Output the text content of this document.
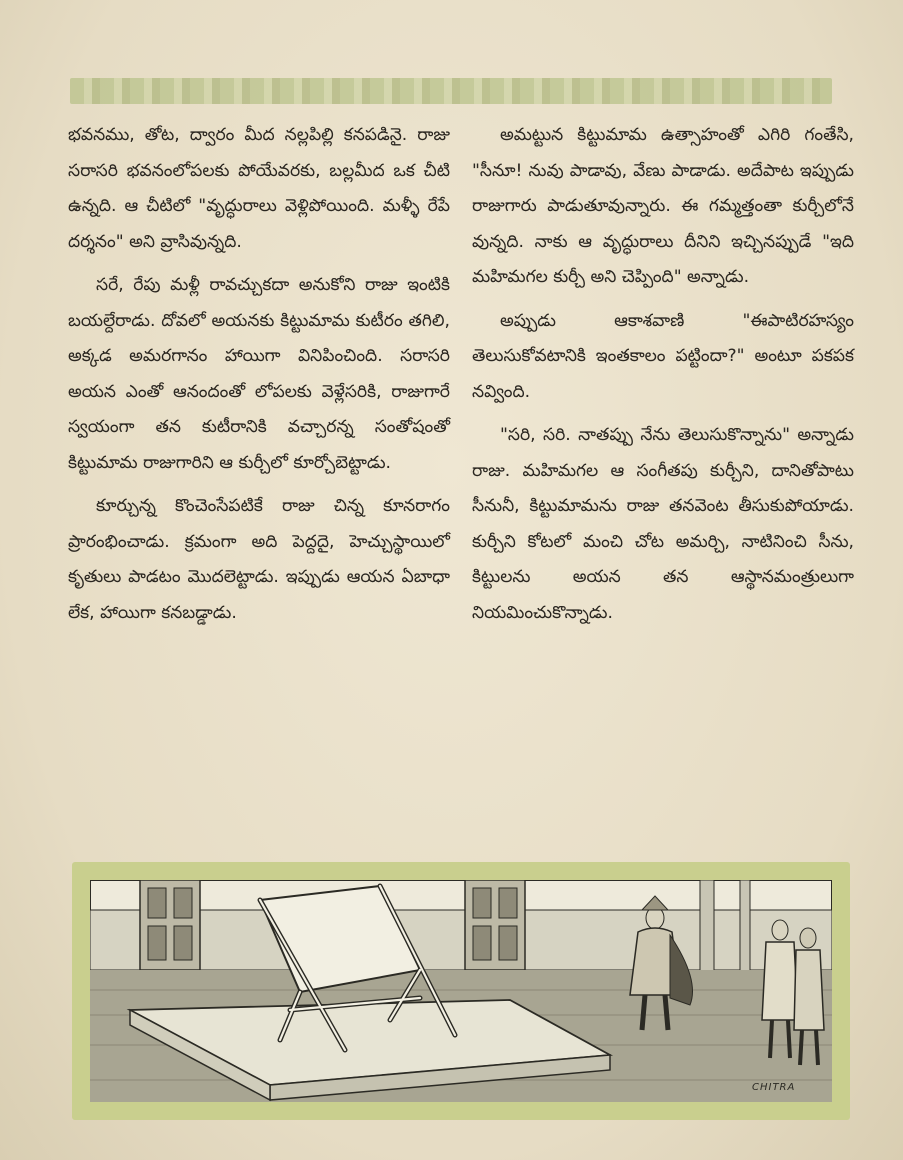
భవనము, తోట, ద్వారం మీద నల్లపిల్లి కనపడినై. రాజు సరాసరి భవనంలోపలకు పోయేవరకు, బల్లమీద ఒక చీటి ఉన్నది. ఆ చీటిలో "వృద్ధురాలు వెళ్లిపోయింది. మళ్ళీ రేపే దర్శనం" అని వ్రాసివున్నది.

సరే, రేపు మళ్లీ రావచ్చుకదా అనుకోని రాజు ఇంటికి బయల్దేరాడు. దోవలో అయనకు కిట్టుమామ కుటీరం తగిలి, అక్కడ అమరగానం హాయిగా వినిపించింది. సరాసరి అయన ఎంతో ఆనందంతో లోపలకు వెళ్లేసరికి, రాజుగారే స్వయంగా తన కుటీరానికి వచ్చారన్న సంతోషంతో కిట్టుమామ రాజుగారిని ఆ కుర్చీలో కూర్చోబెట్టాడు.

కూర్చున్న కొంచెంసేపటికే రాజు చిన్న కూనరాగం ప్రారంభించాడు. క్రమంగా అది పెద్దదై, హెచ్చుస్థాయిలో కృతులు పాడటం మొదలెట్టాడు. ఇప్పుడు ఆయన ఏబాధా లేక, హాయిగా కనబడ్డాడు.

అమట్టున కిట్టుమామ ఉత్సాహంతో ఎగిరి గంతేసి, "సీనూ! నువు పాడావు, వేణు పాడాడు. అదేపాట ఇప్పుడు రాజుగారు పాడుతూవున్నారు. ఈ గమ్మత్తంతా కుర్చీలోనే వున్నది. నాకు ఆ వృద్ధురాలు దీనిని ఇచ్చినప్పుడే "ఇది మహిమగల కుర్చీ అని చెప్పింది" అన్నాడు.

అప్పుడు ఆకాశవాణి "ఈపాటిరహస్యం తెలుసుకోవటానికి ఇంతకాలం పట్టిందా?" అంటూ పకపక నవ్వింది.

"సరి, సరి. నాతప్పు నేను తెలుసుకొన్నాను" అన్నాడు రాజు. మహిమగల ఆ సంగీతపు కుర్చీని, దానితోపాటు సీనునీ, కిట్టుమామను రాజు తనవెంట తీసుకుపోయాడు. కుర్చీని కోటలో మంచి చోట అమర్చి, నాటినించి సీను, కిట్టులను అయన తన ఆస్థానమంత్రులుగా నియమించుకొన్నాడు.

CHITRA
